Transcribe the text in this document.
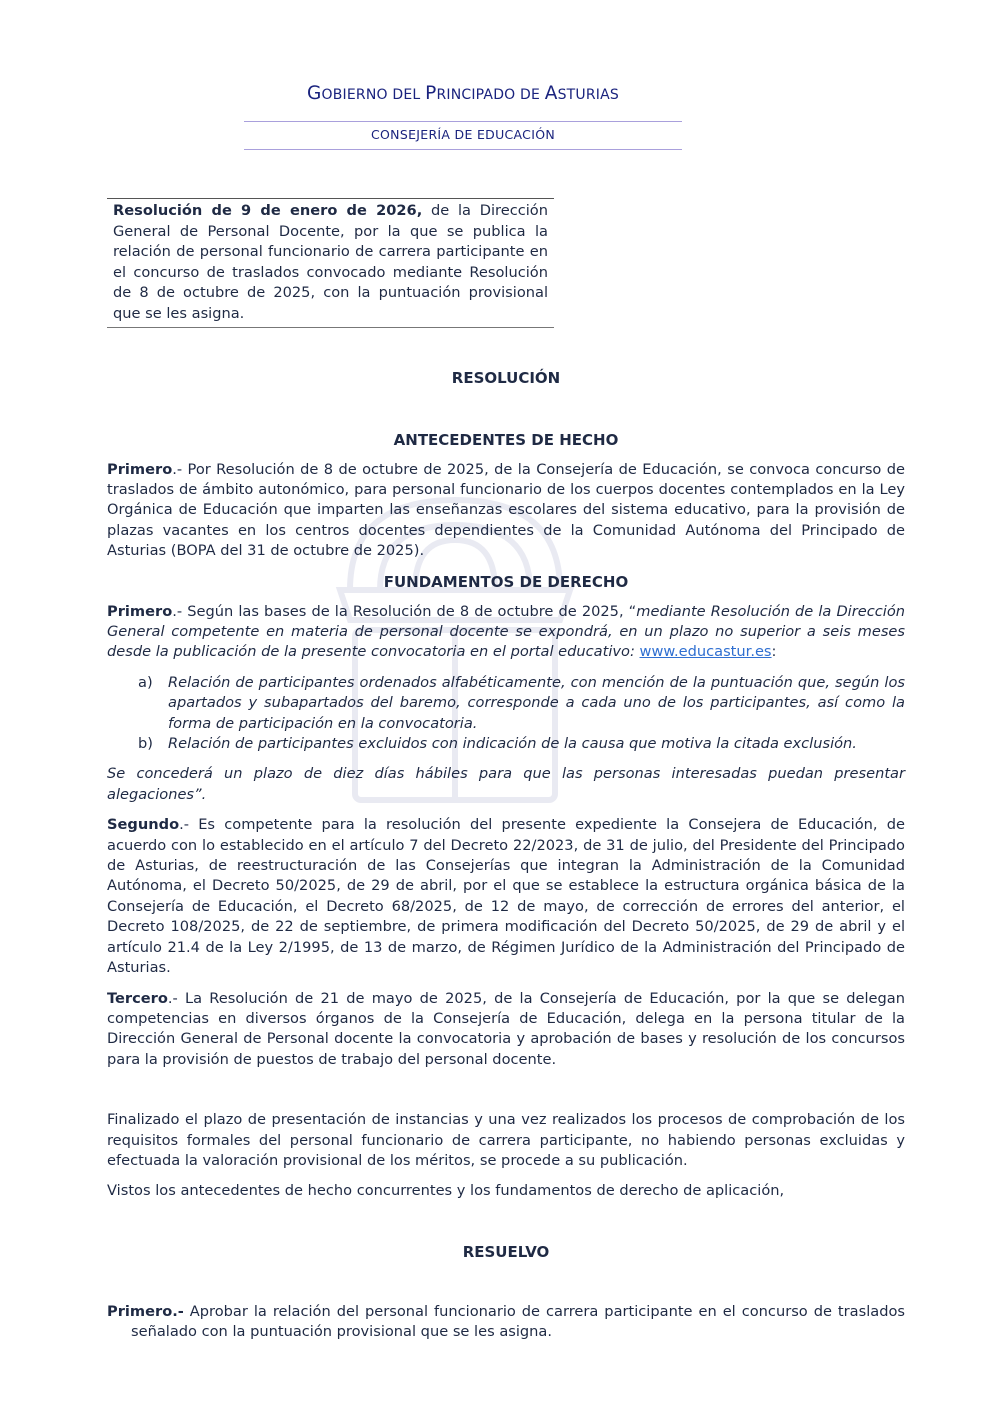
GOBIERNO DEL PRINCIPADO DE ASTURIAS
CONSEJERÍA DE EDUCACIÓN
Resolución de 9 de enero de 2026, de la Dirección General de Personal Docente, por la que se publica la relación de personal funcionario de carrera participante en el concurso de traslados convocado mediante Resolución de 8 de octubre de 2025, con la puntuación provisional que se les asigna.
RESOLUCIÓN
ANTECEDENTES DE HECHO

Primero.- Por Resolución de 8 de octubre de 2025, de la Consejería de Educación, se convoca concurso de traslados de ámbito autonómico, para personal funcionario de los cuerpos docentes contemplados en la Ley Orgánica de Educación que imparten las enseñanzas escolares del sistema educativo, para la provisión de plazas vacantes en los centros docentes dependientes de la Comunidad Autónoma del Principado de Asturias (BOPA del 31 de octubre de 2025).

FUNDAMENTOS DE DERECHO

Primero.- Según las bases de la Resolución de 8 de octubre de 2025, “mediante Resolución de la Dirección General competente en materia de personal docente se expondrá, en un plazo no superior a seis meses desde la publicación de la presente convocatoria en el portal educativo: www.educastur.es:

a) Relación de participantes ordenados alfabéticamente, con mención de la puntuación que, según los apartados y subapartados del baremo, corresponde a cada uno de los participantes, así como la forma de participación en la convocatoria.
b) Relación de participantes excluidos con indicación de la causa que motiva la citada exclusión.

Se concederá un plazo de diez días hábiles para que las personas interesadas puedan presentar alegaciones”.

Segundo.- Es competente para la resolución del presente expediente la Consejera de Educación, de acuerdo con lo establecido en el artículo 7 del Decreto 22/2023, de 31 de julio, del Presidente del Principado de Asturias, de reestructuración de las Consejerías que integran la Administración de la Comunidad Autónoma, el Decreto 50/2025, de 29 de abril, por el que se establece la estructura orgánica básica de la Consejería de Educación, el Decreto 68/2025, de 12 de mayo, de corrección de errores del anterior, el Decreto 108/2025, de 22 de septiembre, de primera modificación del Decreto 50/2025, de 29 de abril y el artículo 21.4 de la Ley 2/1995, de 13 de marzo, de Régimen Jurídico de la Administración del Principado de Asturias.

Tercero.- La Resolución de 21 de mayo de 2025, de la Consejería de Educación, por la que se delegan competencias en diversos órganos de la Consejería de Educación, delega en la persona titular de la Dirección General de Personal docente la convocatoria y aprobación de bases y resolución de los concursos para la provisión de puestos de trabajo del personal docente.

Finalizado el plazo de presentación de instancias y una vez realizados los procesos de comprobación de los requisitos formales del personal funcionario de carrera participante, no habiendo personas excluidas y efectuada la valoración provisional de los méritos, se procede a su publicación.

Vistos los antecedentes de hecho concurrentes y los fundamentos de derecho de aplicación,

RESUELVO

Primero.- Aprobar la relación del personal funcionario de carrera participante en el concurso de traslados señalado con la puntuación provisional que se les asigna.
